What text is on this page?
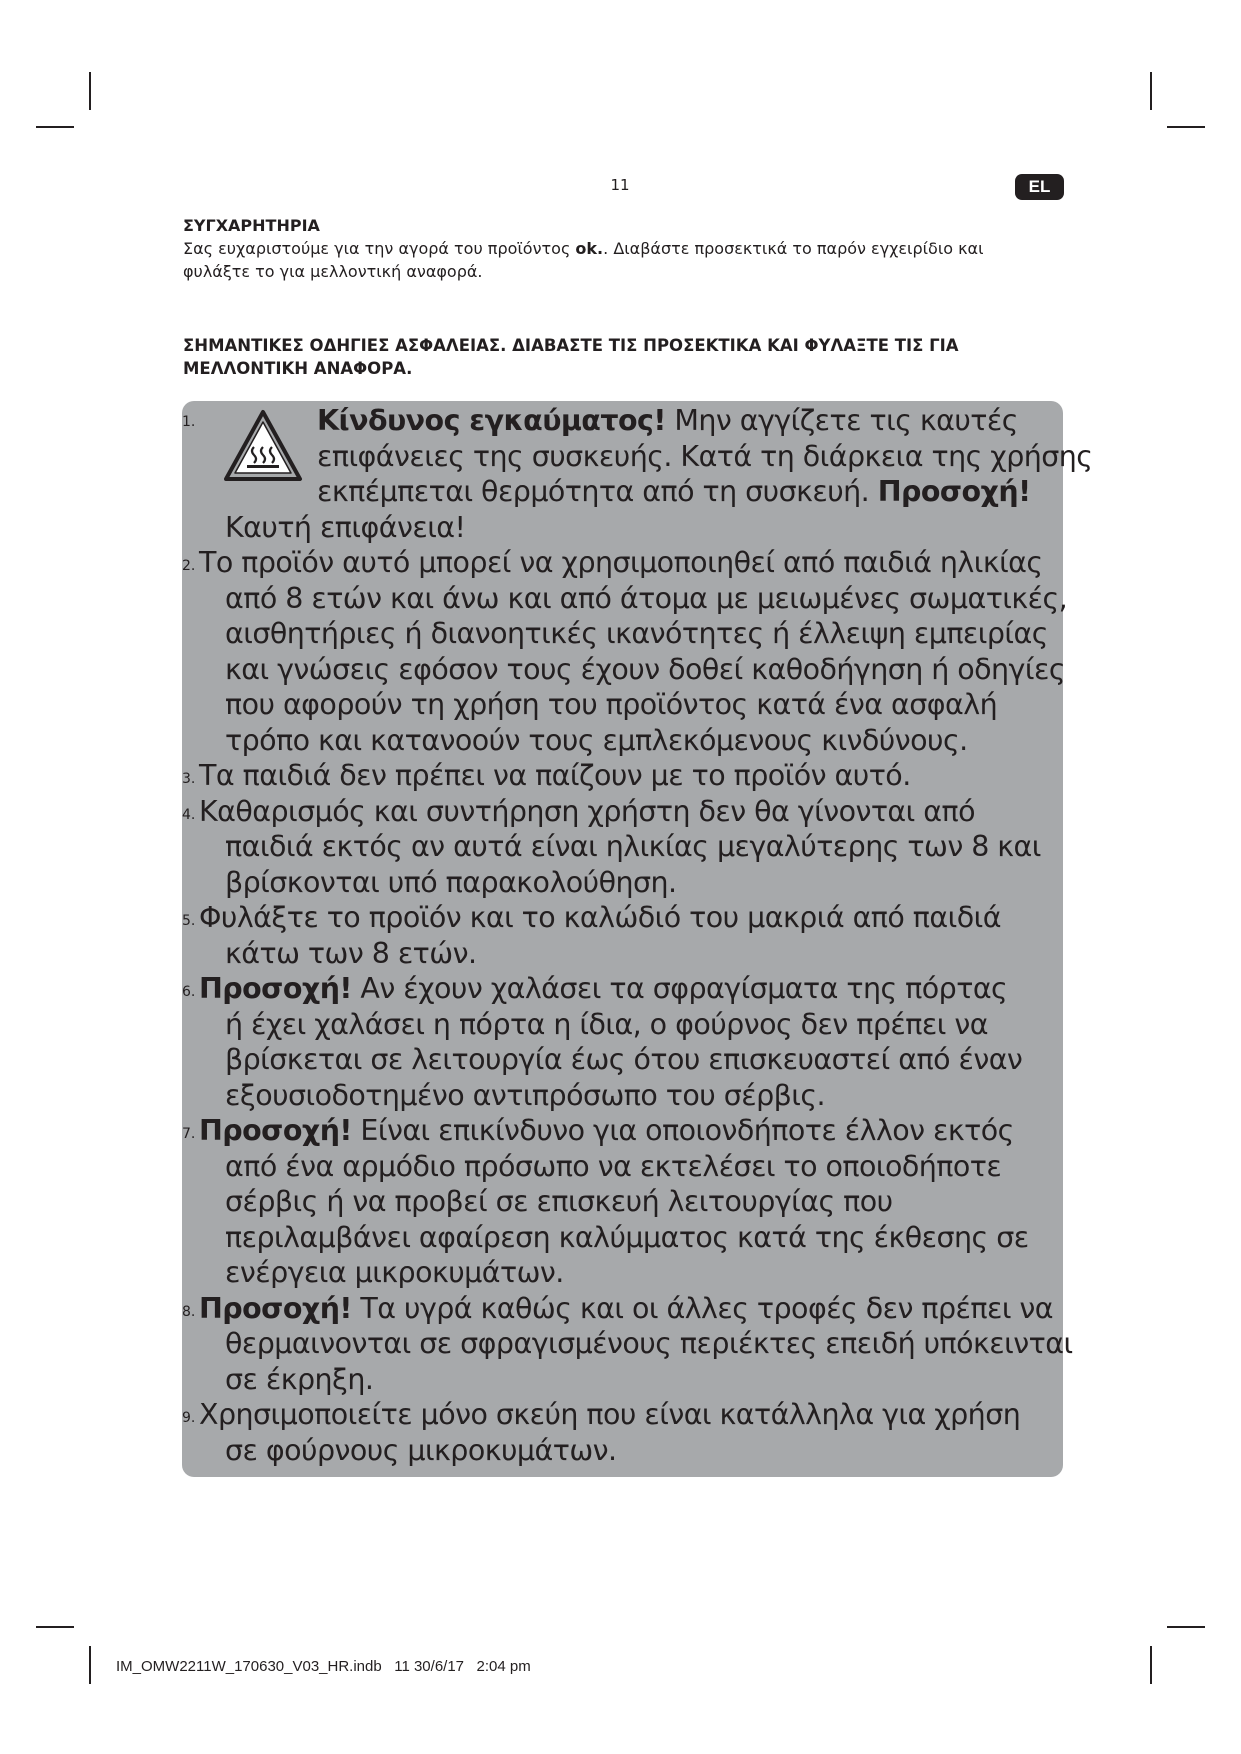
11	EL
ΣΥΓΧΑΡΗΤΗΡΙΑ

Σας ευχαριστούμε για την αγορά του προϊόντος ok.. Διαβάστε προσεκτικά το παρόν εγχειρίδιο και

φυλάξτε το για μελλοντική αναφορά.

ΣΗΜΑΝΤΙΚΕΣ ΟΔΗΓΙΕΣ ΑΣΦΑΛΕΙΑΣ. ΔΙΑΒΑΣΤΕ ΤΙΣ ΠΡΟΣΕΚΤΙΚΑ ΚΑΙ ΦΥΛΑΞΤΕ ΤΙΣ ΓΙΑ
ΜΕΛΛΟΝΤΙΚΗ ΑΝΑΦΟΡΑ.
1.	Κίνδυνος εγκαύματος! Μην αγγίζετε τις καυτές
επιφάνειες της συσκευής. Κατά τη διάρκεια της χρήσης
εκπέμπεται θερμότητα από τη συσκευή. Προσοχή!
Καυτή επιφάνεια!
2. Το προϊόν αυτό μπορεί να χρησιμοποιηθεί από παιδιά ηλικίας
από 8 ετών και άνω και από άτομα με μειωμένες σωματικές,
αισθητήριες ή διανοητικές ικανότητες ή έλλειψη εμπειρίας
και γνώσεις εφόσον τους έχουν δοθεί καθοδήγηση ή οδηγίες
που αφορούν τη χρήση του προϊόντος κατά ένα ασφαλή
τρόπο και κατανοούν τους εμπλεκόμενους κινδύνους.
3. Τα παιδιά δεν πρέπει να παίζουν με το προϊόν αυτό.
4. Καθαρισμός και συντήρηση χρήστη δεν θα γίνονται από
παιδιά εκτός αν αυτά είναι ηλικίας μεγαλύτερης των 8 και
βρίσκονται υπό παρακολούθηση.
5. Φυλάξτε το προϊόν και το καλώδιό του μακριά από παιδιά
κάτω των 8 ετών.
6. Προσοχή! Αν έχουν χαλάσει τα σφραγίσματα της πόρτας
ή έχει χαλάσει η πόρτα η ίδια, ο φούρνος δεν πρέπει να
βρίσκεται σε λειτουργία έως ότου επισκευαστεί από έναν
εξουσιοδοτημένο αντιπρόσωπο του σέρβις.
7. Προσοχή! Είναι επικίνδυνο για οποιονδήποτε έλλον εκτός
από ένα αρμόδιο πρόσωπο να εκτελέσει το οποιοδήποτε
σέρβις ή να προβεί σε επισκευή λειτουργίας που
περιλαμβάνει αφαίρεση καλύμματος κατά της έκθεσης σε
ενέργεια μικροκυμάτων.
8. Προσοχή! Τα υγρά καθώς και οι άλλες τροφές δεν πρέπει να
θερμαινονται σε σφραγισμένους περιέκτες επειδή υπόκεινται
σε έκρηξη.
9. Χρησιμοποιείτε μόνο σκεύη που είναι κατάλληλα για χρήση
σε φούρνους μικροκυμάτων.
IM_OMW2211W_170630_V03_HR.indb 11 30/6/17 2:04 pm
